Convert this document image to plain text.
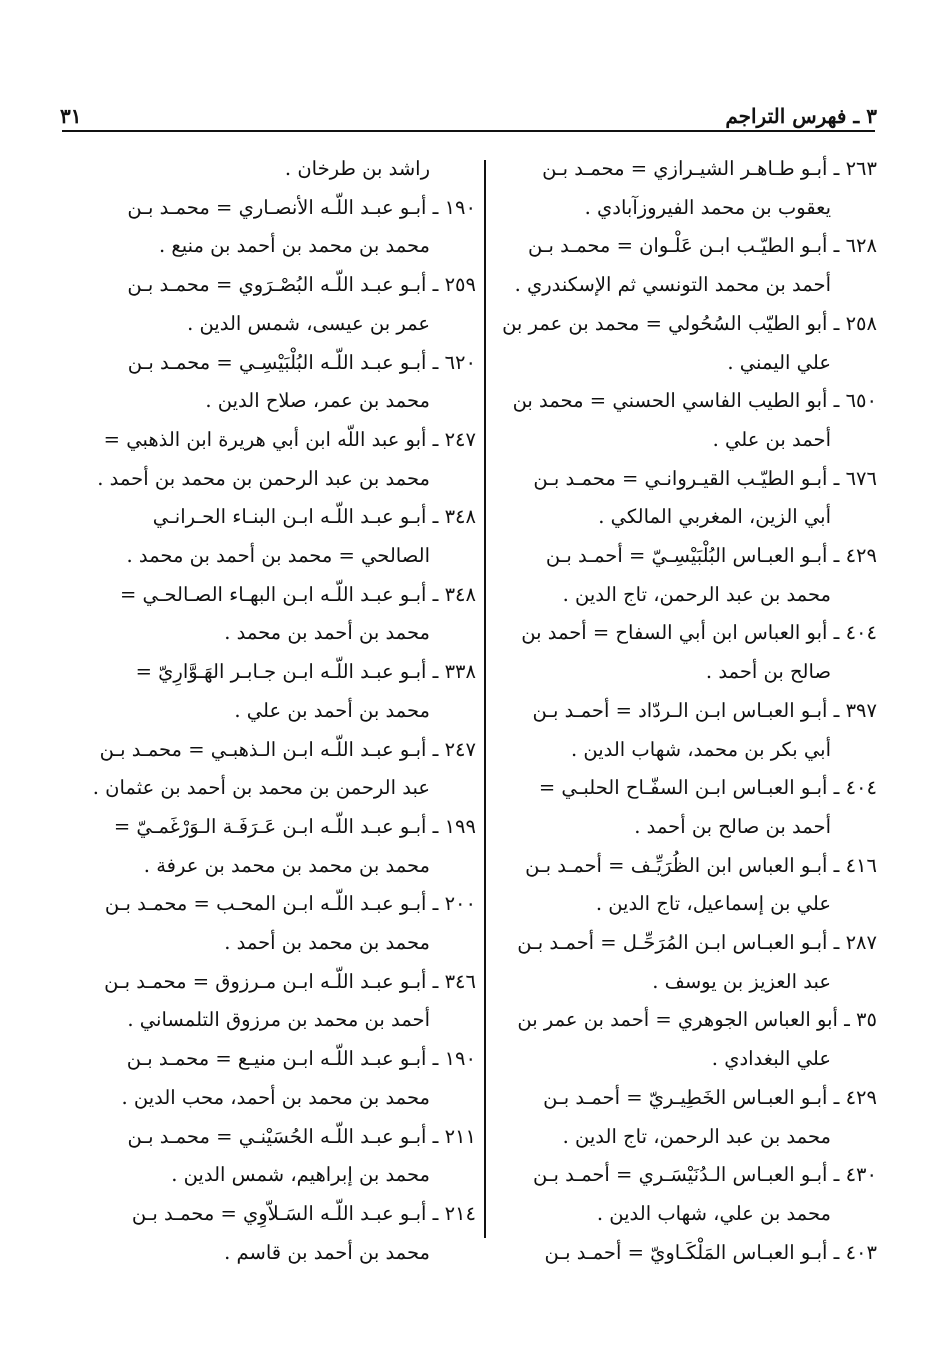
٣ ـ فهرس التراجم
٣١
٢٦٣ ـ أبـو طـاهـر الشيـرازي = محمـد بـن
يعقوب بن محمد الفيروزآبادي .
٦٢٨ ـ أبـو الطيّـب ابـن عَلْـوان = محمـد بـن
أحمد بن محمد التونسي ثم الإسكندري .
٢٥٨ ـ أبو الطيّب السُحُولي = محمد بن عمر بن
علي اليمني .
٦٥٠ ـ أبو الطيب الفاسي الحسني = محمد بن
أحمد بن علي .
٦٧٦ ـ أبـو الطيّـب القيـروانـي = محمـد بـن
أبي الزين، المغربي المالكي .
٤٢٩ ـ أبـو العبـاس البُلْبَيْسِـيّ = أحمـد بـن
محمد بن عبد الرحمن، تاج الدين .
٤٠٤ ـ أبو العباس ابن أبي السفاح = أحمد بن
صالح بن أحمد .
٣٩٧ ـ أبـو العبـاس ابـن الـردّاد = أحمـد بـن
أبي بكر بن محمد، شهاب الدين .
٤٠٤ ـ أبـو العبـاس ابـن السفّـاح الحلبـي =
أحمد بن صالح بن أحمد .
٤١٦ ـ أبـو العباس ابن الظُرَيِّـف = أحمـد بـن
علي بن إسماعيل، تاج الدين .
٢٨٧ ـ أبـو العبـاس ابـن المُرَحِّـل = أحمـد بـن
عبد العزيز بن يوسف .
٣٥ ـ أبو العباس الجوهري = أحمد بن عمر بن
علي البغدادي .
٤٢٩ ـ أبـو العبـاس الخَطِيـريّ = أحمـد بـن
محمد بن عبد الرحمن، تاج الدين .
٤٣٠ ـ أبـو العبـاس الـدُنَيْسَـري = أحمـد بـن
محمد بن علي، شهاب الدين .
٤٠٣ ـ أبـو العبـاس المَلْكَـاويّ = أحمـد بـن
راشد بن طرخان .
١٩٠ ـ أبـو عبـد اللّـه الأنصـاري = محمـد بـن
محمد بن محمد بن أحمد بن منيع .
٢٥٩ ـ أبـو عبـد اللّـه البُصْـرَوي = محمـد بـن
عمر بن عيسى، شمس الدين .
٦٢٠ ـ أبـو عبـد اللّـه البُلْبَيْسِـي = محمـد بـن
محمد بن عمر، صلاح الدين .
٢٤٧ ـ أبو عبد اللّه ابن أبي هريرة ابن الذهبي =
محمد بن عبد الرحمن بن محمد بن أحمد .
٣٤٨ ـ أبـو عبـد اللّـه ابـن البنـاء الحـرانـي
الصالحي = محمد بن أحمد بن محمد .
٣٤٨ ـ أبـو عبـد اللّـه ابـن البهـاء الصـالحـي =
محمد بن أحمد بن محمد .
٣٣٨ ـ أبـو عبـد اللّـه ابـن جـابـر الهَـوَّارِيّ =
محمد بن أحمد بن علي .
٢٤٧ ـ أبـو عبـد اللّـه ابـن الـذهبـي = محمـد بـن
عبد الرحمن بن محمد بن أحمد بن عثمان .
١٩٩ ـ أبـو عبـد اللّـه ابـن عَـرَفَـة الـوَرْغَمـيّ =
محمد بن محمد بن محمد بن عرفة .
٢٠٠ ـ أبـو عبـد اللّـه ابـن المحـب = محمـد بـن
محمد بن محمد بن أحمد .
٣٤٦ ـ أبـو عبـد اللّـه ابـن مـرزوق = محمـد بـن
أحمد بن محمد بن مرزوق التلمساني .
١٩٠ ـ أبـو عبـد اللّـه ابـن منيـع = محمـد بـن
محمد بن محمد بن أحمد، محب الدين .
٢١١ ـ أبـو عبـد اللّـه الحُسَيْنـي = محمـد بـن
محمد بن إبراهيم، شمس الدين .
٢١٤ ـ أبـو عبـد اللّـه السَـلاّوِي = محمـد بـن
محمد بن أحمد بن قاسم .
